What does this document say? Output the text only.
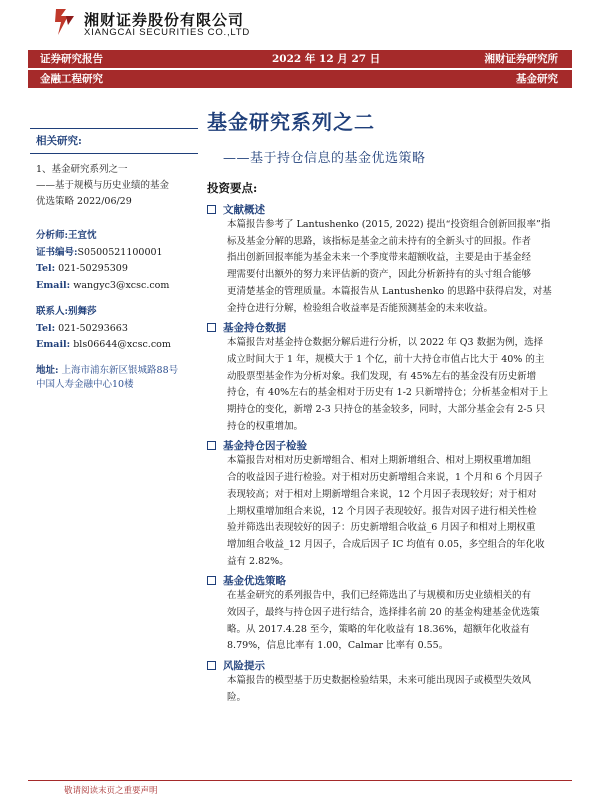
湘财证券股份有限公司
XIANGCAI SECURITIES CO.,LTD
证券研究报告	2022 年 12 月 27 日	湘财证券研究所
金融工程研究	基金研究
基金研究系列之二
——基于持仓信息的基金优选策略
相关研究:
1、基金研究系列之一
——基于规模与历史业绩的基金
优选策略 2022/06/29
分析师:王宜忱
证书编号:S0500521100001
Tel: 021-50295309
Email: wangyc3@xcsc.com
联系人:别舞莎
Tel: 021-50293663
Email: bls06644@xcsc.com
地址: 上海市浦东新区银城路88号
中国人寿金融中心10楼
投资要点:
文献概述
本篇报告参考了 Lantushenko (2015, 2022) 提出“投资组合创新回报率”指
标及基金分解的思路，该指标是基金之前未持有的全新头寸的回报。作者
指出创新回报率能为基金未来一个季度带来超额收益，主要是由于基金经
理需要付出额外的努力来评估新的资产，因此分析新持有的头寸组合能够
更清楚基金的管理质量。本篇报告从 Lantushenko 的思路中获得启发，对基
金持仓进行分解，检验组合收益率是否能预测基金的未来收益。
基金持仓数据
本篇报告对基金持仓数据分解后进行分析，以 2022 年 Q3 数据为例，选择
成立时间大于 1 年，规模大于 1 个亿，前十大持仓市值占比大于 40% 的主
动股票型基金作为分析对象。我们发现，有 45%左右的基金没有历史新增
持仓，有 40%左右的基金相对于历史有 1-2 只新增持仓；分析基金相对于上
期持仓的变化，新增 2-3 只持仓的基金较多，同时，大部分基金会有 2-5 只
持仓的权重增加。
基金持仓因子检验
本篇报告对相对历史新增组合、相对上期新增组合、相对上期权重增加组
合的收益因子进行检验。对于相对历史新增组合来说，1 个月和 6 个月因子
表现较高；对于相对上期新增组合来说，12 个月因子表现较好；对于相对
上期权重增加组合来说，12 个月因子表现较好。报告对因子进行相关性检
验并筛选出表现较好的因子：历史新增组合收益_6 月因子和相对上期权重
增加组合收益_12 月因子，合成后因子 IC 均值有 0.05，多空组合的年化收
益有 2.82%。
基金优选策略
在基金研究的系列报告中，我们已经筛选出了与规模和历史业绩相关的有
效因子，最终与持仓因子进行结合，选择排名前 20 的基金构建基金优选策
略。从 2017.4.28 至今，策略的年化收益有 18.36%，超额年化收益有
8.79%，信息比率有 1.00，Calmar 比率有 0.55。
风险提示
本篇报告的模型基于历史数据检验结果，未来可能出现因子或模型失效风
险。
敬请阅读末页之重要声明
